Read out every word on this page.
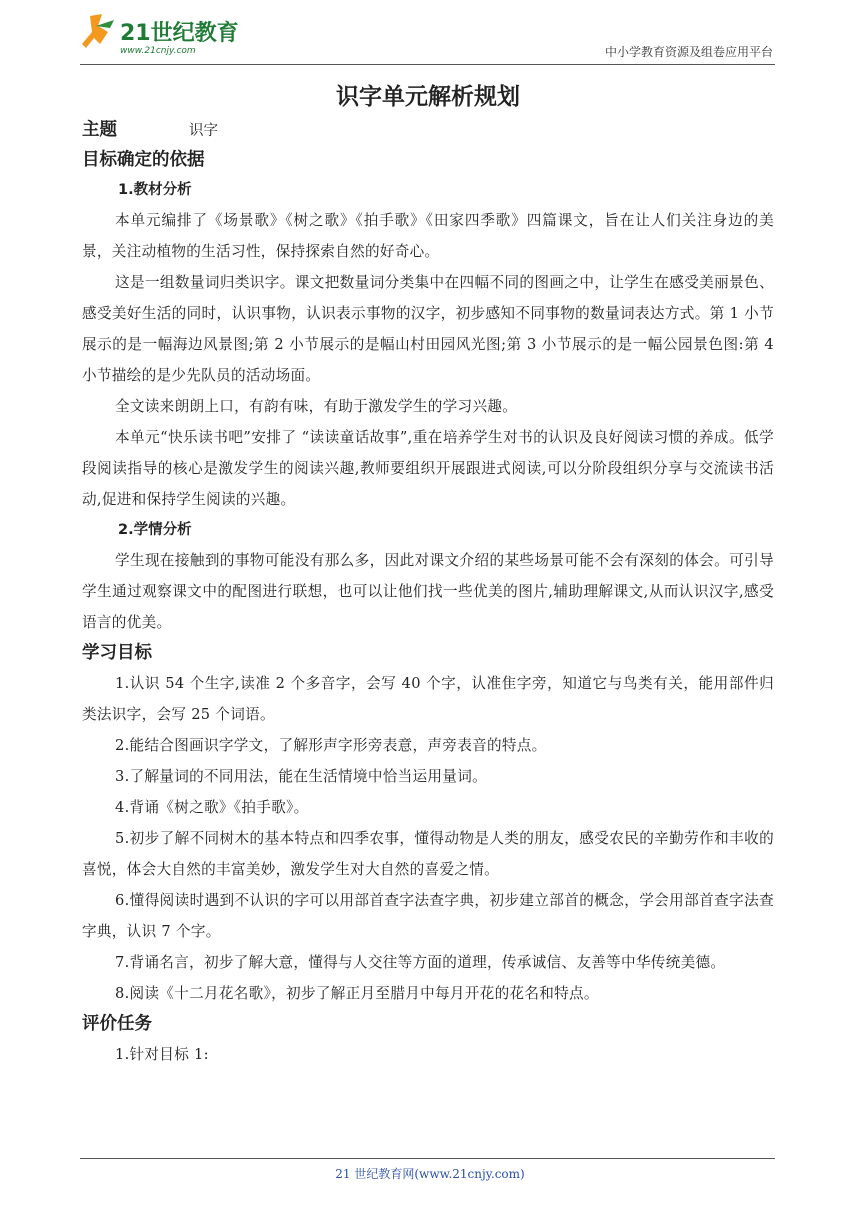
21世纪教育
www.21cnjy.com	中小学教育资源及组卷应用平台
识字单元解析规划
主题	识字
目标确定的依据
1.教材分析

本单元编排了《场景歌》《树之歌》《拍手歌》《田家四季歌》四篇课文，旨在让人们关注身边的美景，关注动植物的生活习性，保持探索自然的好奇心。

这是一组数量词归类识字。课文把数量词分类集中在四幅不同的图画之中，让学生在感受美丽景色、感受美好生活的同时，认识事物，认识表示事物的汉字，初步感知不同事物的数量词表达方式。第 1 小节展示的是一幅海边风景图;第 2 小节展示的是幅山村田园风光图;第 3 小节展示的是一幅公园景色图:第 4 小节描绘的是少先队员的活动场面。

全文读来朗朗上口，有韵有味，有助于激发学生的学习兴趣。

本单元“快乐读书吧”安排了 “读读童话故事”,重在培养学生对书的认识及良好阅读习惯的养成。低学段阅读指导的核心是激发学生的阅读兴趣,教师要组织开展跟进式阅读,可以分阶段组织分享与交流读书活动,促进和保持学生阅读的兴趣。

2.学情分析

学生现在接触到的事物可能没有那么多，因此对课文介绍的某些场景可能不会有深刻的体会。可引导学生通过观察课文中的配图进行联想，也可以让他们找一些优美的图片,辅助理解课文,从而认识汉字,感受语言的优美。

学习目标

1.认识 54 个生字,读准 2 个多音字，会写 40 个字，认准隹字旁，知道它与鸟类有关，能用部件归类法识字，会写 25 个词语。

2.能结合图画识字学文，了解形声字形旁表意，声旁表音的特点。

3.了解量词的不同用法，能在生活情境中恰当运用量词。

4.背诵《树之歌》《拍手歌》。

5.初步了解不同树木的基本特点和四季农事，懂得动物是人类的朋友，感受农民的辛勤劳作和丰收的喜悦，体会大自然的丰富美妙，激发学生对大自然的喜爱之情。

6.懂得阅读时遇到不认识的字可以用部首查字法查字典，初步建立部首的概念，学会用部首查字法查字典，认识 7 个字。

7.背诵名言，初步了解大意，懂得与人交往等方面的道理，传承诚信、友善等中华传统美德。

8.阅读《十二月花名歌》，初步了解正月至腊月中每月开花的花名和特点。

评价任务

1.针对目标 1:

21 世纪教育网(www.21cnjy.com)
